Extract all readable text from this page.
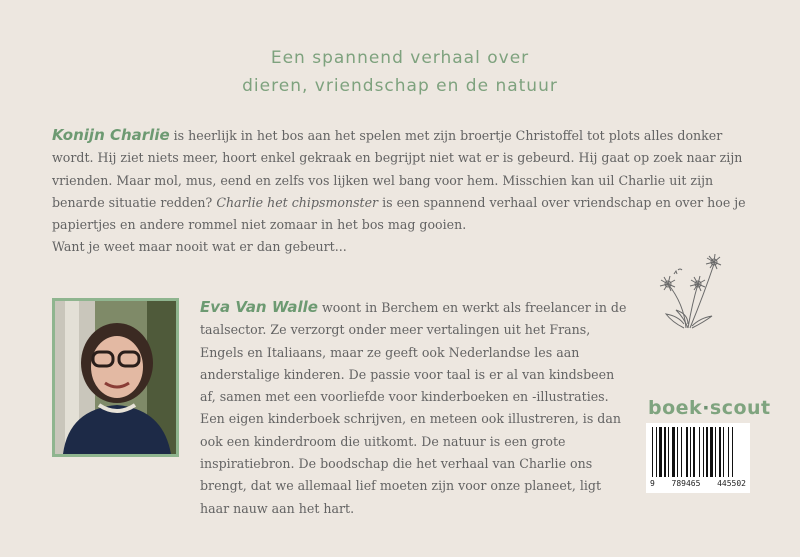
Een spannend verhaal over
dieren, vriendschap en de natuur
Konijn Charlie is heerlijk in het bos aan het spelen met zijn broertje Christoffel tot plots alles donker wordt. Hij ziet niets meer, hoort enkel gekraak en begrijpt niet wat er is gebeurd. Hij gaat op zoek naar zijn vrienden. Maar mol, mus, eend en zelfs vos lijken wel bang voor hem. Misschien kan uil Charlie uit zijn benarde situatie redden? Charlie het chipsmonster is een spannend verhaal over vriendschap en over hoe je papiertjes en andere rommel niet zomaar in het bos mag gooien.
Want je weet maar nooit wat er dan gebeurt...
Eva Van Walle woont in Berchem en werkt als freelancer in de taalsector. Ze verzorgt onder meer vertalingen uit het Frans, Engels en Italiaans, maar ze geeft ook Nederlandse les aan anderstalige kinderen. De passie voor taal is er al van kindsbeen af, samen met een voorliefde voor kinderboeken en -illustraties. Een eigen kinderboek schrijven, en meteen ook illustreren, is dan ook een kinderdroom die uitkomt. De natuur is een grote inspiratiebron. De boodschap die het verhaal van Charlie ons brengt, dat we allemaal lief moeten zijn voor onze planeet, ligt haar nauw aan het hart.
boek·scout
9 789465 445502
